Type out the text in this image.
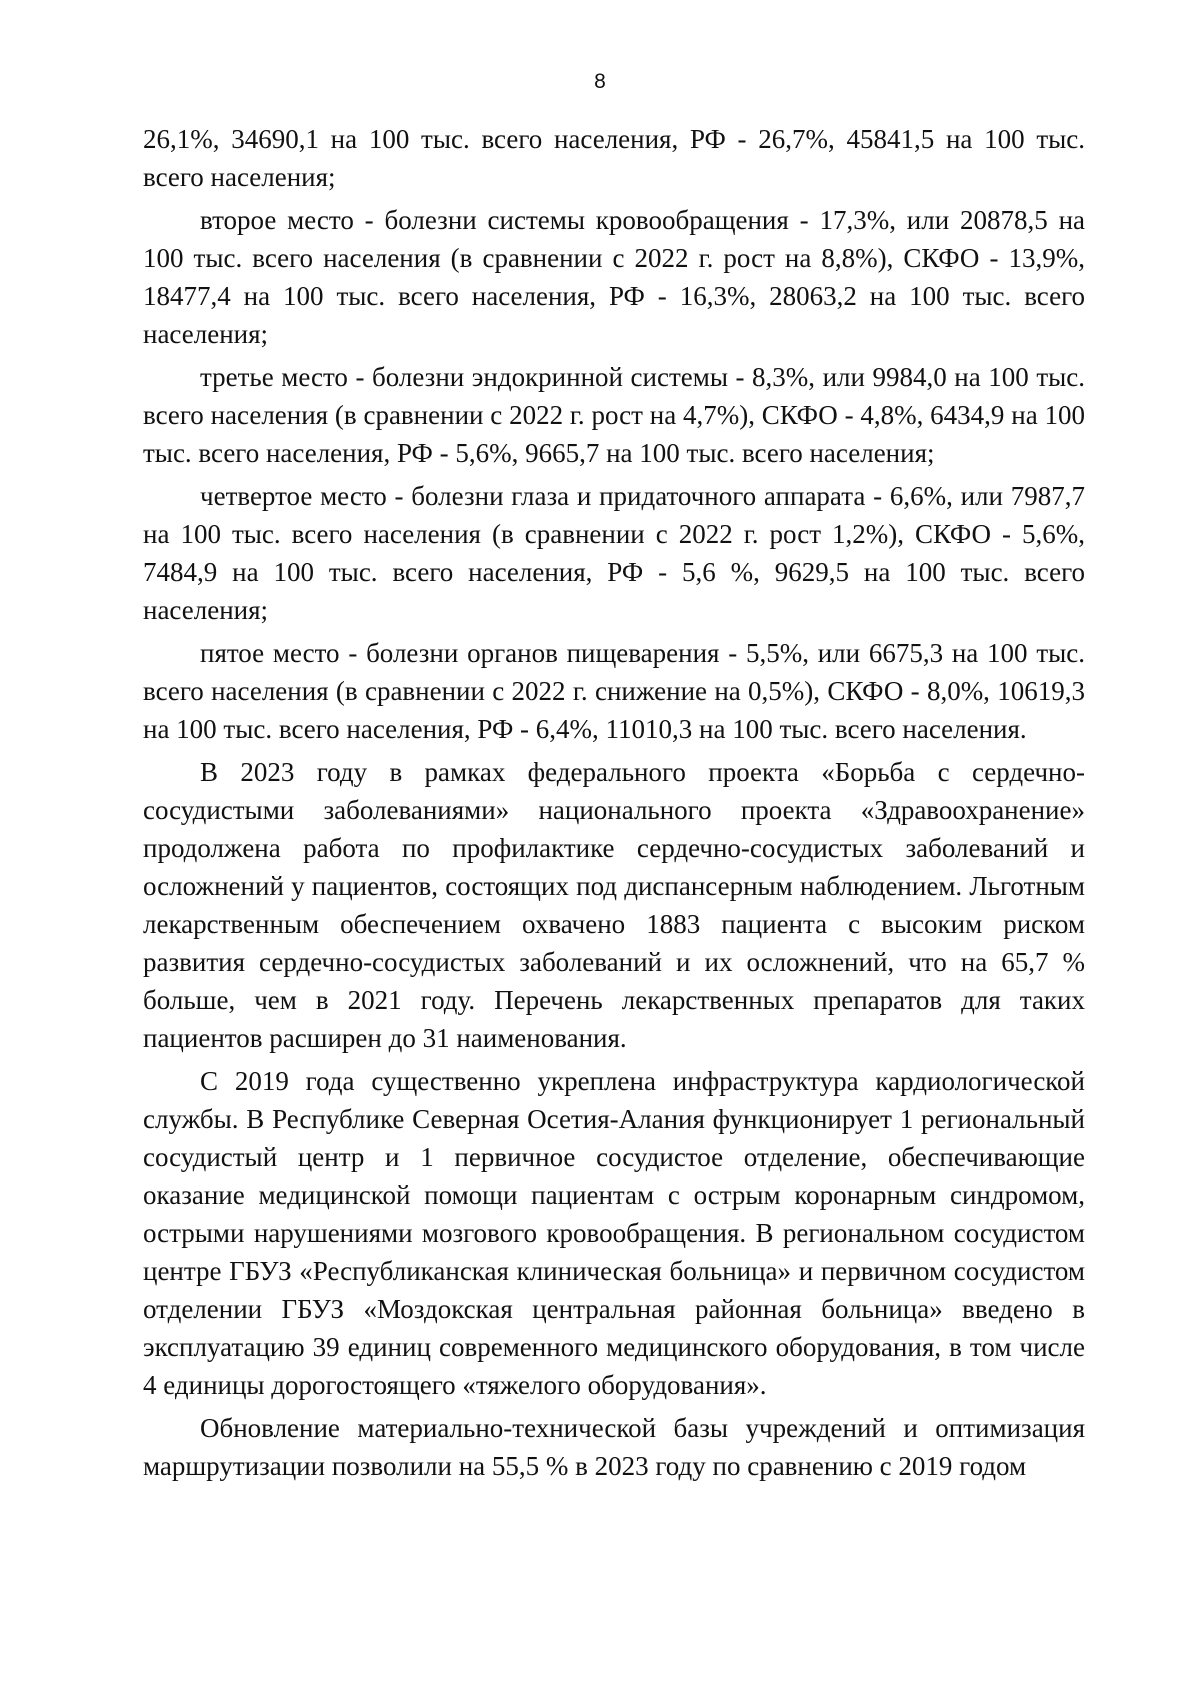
8

26,1%, 34690,1 на 100 тыс. всего населения, РФ - 26,7%, 45841,5 на 100 тыс. всего населения;

второе место - болезни системы кровообращения - 17,3%, или 20878,5 на 100 тыс. всего населения (в сравнении с 2022 г. рост на 8,8%), СКФО - 13,9%, 18477,4 на 100 тыс. всего населения, РФ - 16,3%, 28063,2 на 100 тыс. всего населения;

третье место - болезни эндокринной системы - 8,3%, или 9984,0 на 100 тыс. всего населения (в сравнении с 2022 г. рост на 4,7%), СКФО - 4,8%, 6434,9 на 100 тыс. всего населения, РФ - 5,6%, 9665,7 на 100 тыс. всего населения;

четвертое место - болезни глаза и придаточного аппарата - 6,6%, или 7987,7 на 100 тыс. всего населения (в сравнении с 2022 г. рост 1,2%), СКФО - 5,6%, 7484,9 на 100 тыс. всего населения, РФ - 5,6 %, 9629,5 на 100 тыс. всего населения;

пятое место - болезни органов пищеварения - 5,5%, или 6675,3 на 100 тыс. всего населения (в сравнении с 2022 г. снижение на 0,5%), СКФО - 8,0%, 10619,3 на 100 тыс. всего населения, РФ - 6,4%, 11010,3 на 100 тыс. всего населения.

В 2023 году в рамках федерального проекта «Борьба с сердечно-сосудистыми заболеваниями» национального проекта «Здравоохранение» продолжена работа по профилактике сердечно-сосудистых заболеваний и осложнений у пациентов, состоящих под диспансерным наблюдением. Льготным лекарственным обеспечением охвачено 1883 пациента с высоким риском развития сердечно-сосудистых заболеваний и их осложнений, что на 65,7 % больше, чем в 2021 году. Перечень лекарственных препаратов для таких пациентов расширен до 31 наименования.

С 2019 года существенно укреплена инфраструктура кардиологической службы. В Республике Северная Осетия-Алания функционирует 1 региональный сосудистый центр и 1 первичное сосудистое отделение, обеспечивающие оказание медицинской помощи пациентам с острым коронарным синдромом, острыми нарушениями мозгового кровообращения. В региональном сосудистом центре ГБУЗ «Республиканская клиническая больница» и первичном сосудистом отделении ГБУЗ «Моздокская центральная районная больница» введено в эксплуатацию 39 единиц современного медицинского оборудования, в том числе 4 единицы дорогостоящего «тяжелого оборудования».

Обновление материально-технической базы учреждений и оптимизация маршрутизации позволили на 55,5 % в 2023 году по сравнению с 2019 годом
